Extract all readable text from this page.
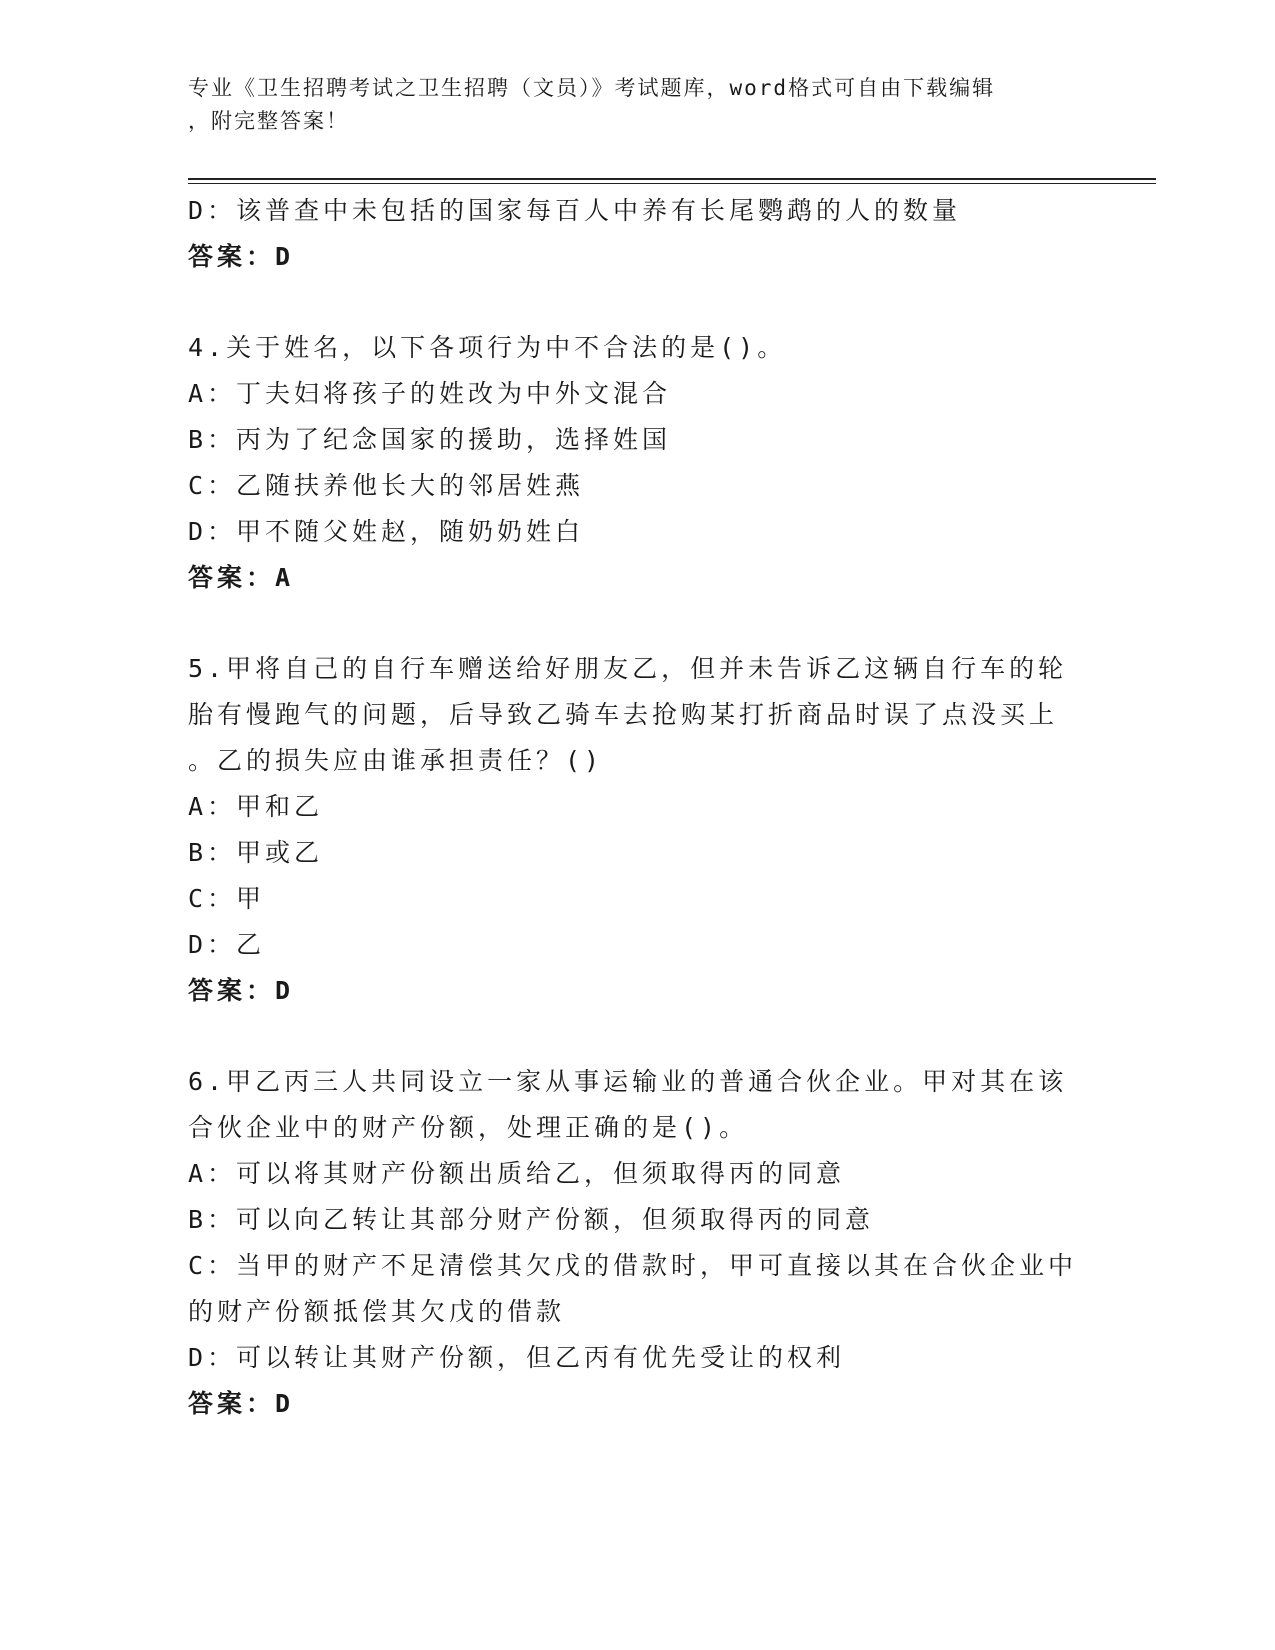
专业《卫生招聘考试之卫生招聘（文员）》考试题库，word格式可自由下载编辑
，附完整答案！
D：该普查中未包括的国家每百人中养有长尾鹦鹉的人的数量
答案：D
4.关于姓名，以下各项行为中不合法的是()。
A：丁夫妇将孩子的姓改为中外文混合
B：丙为了纪念国家的援助，选择姓国
C：乙随扶养他长大的邻居姓燕
D：甲不随父姓赵，随奶奶姓白
答案：A
5.甲将自己的自行车赠送给好朋友乙，但并未告诉乙这辆自行车的轮
胎有慢跑气的问题，后导致乙骑车去抢购某打折商品时误了点没买上
。乙的损失应由谁承担责任？()
A：甲和乙
B：甲或乙
C：甲
D：乙
答案：D
6.甲乙丙三人共同设立一家从事运输业的普通合伙企业。甲对其在该
合伙企业中的财产份额，处理正确的是()。
A：可以将其财产份额出质给乙，但须取得丙的同意
B：可以向乙转让其部分财产份额，但须取得丙的同意
C：当甲的财产不足清偿其欠戊的借款时，甲可直接以其在合伙企业中
的财产份额抵偿其欠戊的借款
D：可以转让其财产份额，但乙丙有优先受让的权利
答案：D
